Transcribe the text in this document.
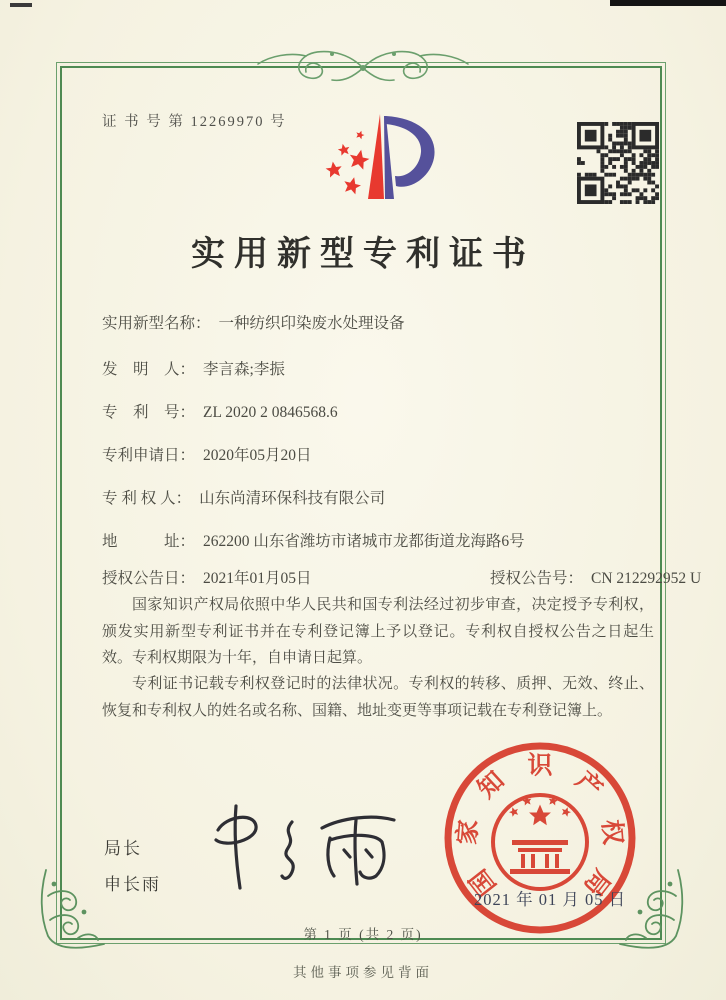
证 书 号 第 12269970 号
实用新型专利证书
实用新型名称： 一种纺织印染废水处理设备
发　明　人： 李言森;李振
专　利　号： ZL 2020 2 0846568.6
专利申请日： 2020年05月20日
专 利 权 人： 山东尚清环保科技有限公司
地　　　址： 262200 山东省潍坊市诸城市龙都街道龙海路6号
授权公告日： 2021年01月05日	授权公告号： CN 212292952 U

国家知识产权局依照中华人民共和国专利法经过初步审查，决定授予专利权，颁发实用新型专利证书并在专利登记簿上予以登记。专利权自授权公告之日起生效。专利权期限为十年，自申请日起算。

专利证书记载专利权登记时的法律状况。专利权的转移、质押、无效、终止、恢复和专利权人的姓名或名称、国籍、地址变更等事项记载在专利登记簿上。

局长
申长雨	国
家
知
识
产
权
局
2021 年 01 月 05 日
第 1 页 (共 2 页)
其他事项参见背面
